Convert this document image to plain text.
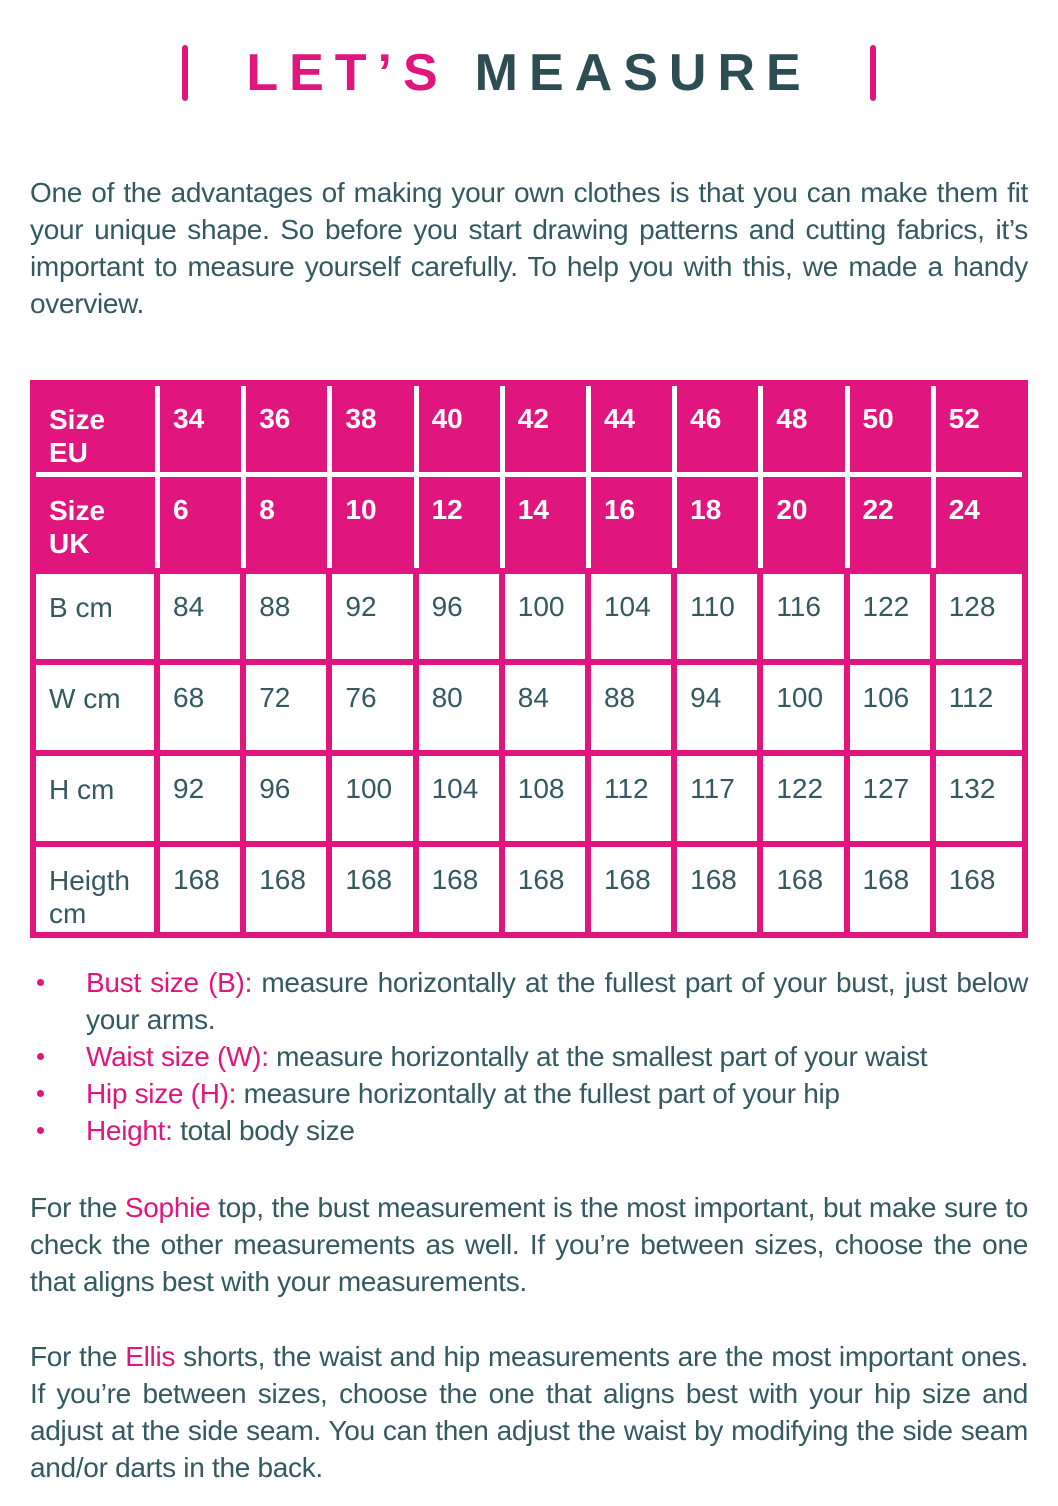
LET’S MEASURE

One of the advantages of making your own clothes is that you can make them fit your unique shape. So before you start drawing patterns and cutting fabrics, it’s important to measure yourself carefully. To help you with this, we made a handy overview.

Size EU	34	36	38	40	42	44	46	48	50	52
Size UK	6	8	10	12	14	16	18	20	22	24
B cm	84	88	92	96	100	104	110	116	122	128
W cm	68	72	76	80	84	88	94	100	106	112
H cm	92	96	100	104	108	112	117	122	127	132
Heigth cm	168	168	168	168	168	168	168	168	168	168
Bust size (B): measure horizontally at the fullest part of your bust, just below your arms.
Waist size (W): measure horizontally at the smallest part of your waist
Hip size (H): measure horizontally at the fullest part of your hip
Height: total body size

For the Sophie top, the bust measurement is the most important, but make sure to check the other measurements as well. If you’re between sizes, choose the one that aligns best with your measurements.

For the Ellis shorts, the waist and hip measurements are the most important ones. If you’re between sizes, choose the one that aligns best with your hip size and adjust at the side seam. You can then adjust the waist by modifying the side seam and/or darts in the back.
